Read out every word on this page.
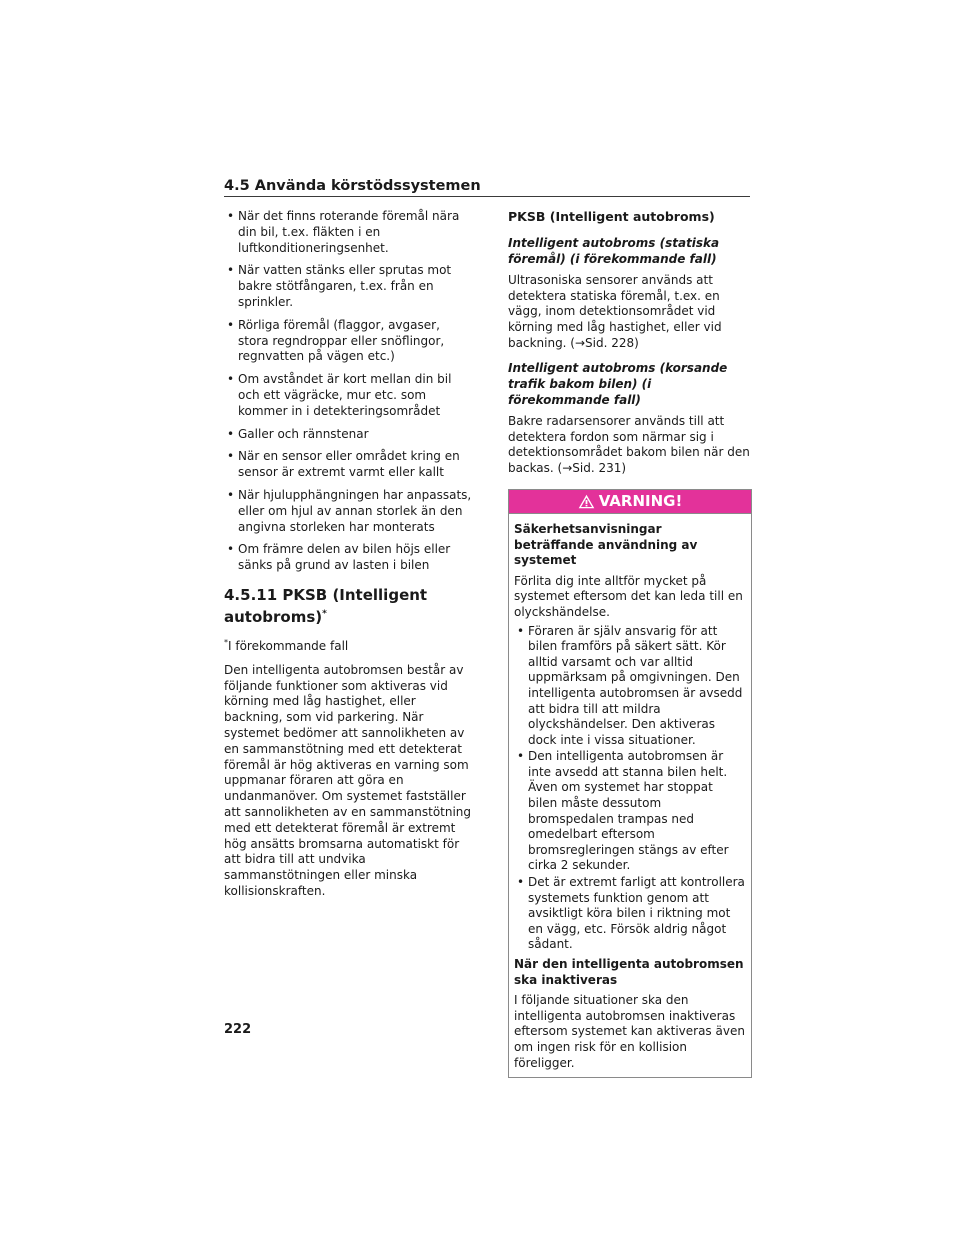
4.5 Använda körstödssystemen
• När det finns roterande föremål nära din bil, t.ex. fläkten i en luftkonditioneringsenhet.
• När vatten stänks eller sprutas mot bakre stötfångaren, t.ex. från en sprinkler.
• Rörliga föremål (flaggor, avgaser, stora regndroppar eller snöflingor, regnvatten på vägen etc.)
• Om avståndet är kort mellan din bil och ett vägräcke, mur etc. som kommer in i detekteringsområdet
• Galler och rännstenar
• När en sensor eller området kring en sensor är extremt varmt eller kallt
• När hjulupphängningen har anpassats, eller om hjul av annan storlek än den angivna storleken har monterats
• Om främre delen av bilen höjs eller sänks på grund av lasten i bilen
4.5.11 PKSB (Intelligent autobroms)*
*I förekommande fall

Den intelligenta autobromsen består av följande funktioner som aktiveras vid körning med låg hastighet, eller backning, som vid parkering. När systemet bedömer att sannolikheten av en sammanstötning med ett detekterat föremål är hög aktiveras en varning som uppmanar föraren att göra en undanmanöver. Om systemet fastställer att sannolikheten av en sammanstötning med ett detekterat föremål är extremt hög ansätts bromsarna automatiskt för att bidra till att undvika sammanstötningen eller minska kollisionskraften.

PKSB (Intelligent autobroms)
Intelligent autobroms (statiska föremål) (i förekommande fall)

Ultrasoniska sensorer används att detektera statiska föremål, t.ex. en vägg, inom detektionsområdet vid körning med låg hastighet, eller vid backning. (→Sid. 228)

Intelligent autobroms (korsande trafik bakom bilen) (i förekommande fall)

Bakre radarsensorer används till att detektera fordon som närmar sig i detektionsområdet bakom bilen när den backas. (→Sid. 231)

VARNING!
Säkerhetsanvisningar beträffande användning av systemet
Förlita dig inte alltför mycket på systemet eftersom det kan leda till en olyckshändelse.
• Föraren är själv ansvarig för att bilen framförs på säkert sätt. Kör alltid varsamt och var alltid uppmärksam på omgivningen. Den intelligenta autobromsen är avsedd att bidra till att mildra olyckshändelser. Den aktiveras dock inte i vissa situationer.
• Den intelligenta autobromsen är inte avsedd att stanna bilen helt. Även om systemet har stoppat bilen måste dessutom bromspedalen trampas ned omedelbart eftersom bromsregleringen stängs av efter cirka 2 sekunder.
• Det är extremt farligt att kontrollera systemets funktion genom att avsiktligt köra bilen i riktning mot en vägg, etc. Försök aldrig något sådant.
När den intelligenta autobromsen ska inaktiveras
I följande situationer ska den intelligenta autobromsen inaktiveras eftersom systemet kan aktiveras även om ingen risk för en kollision föreligger.
222
